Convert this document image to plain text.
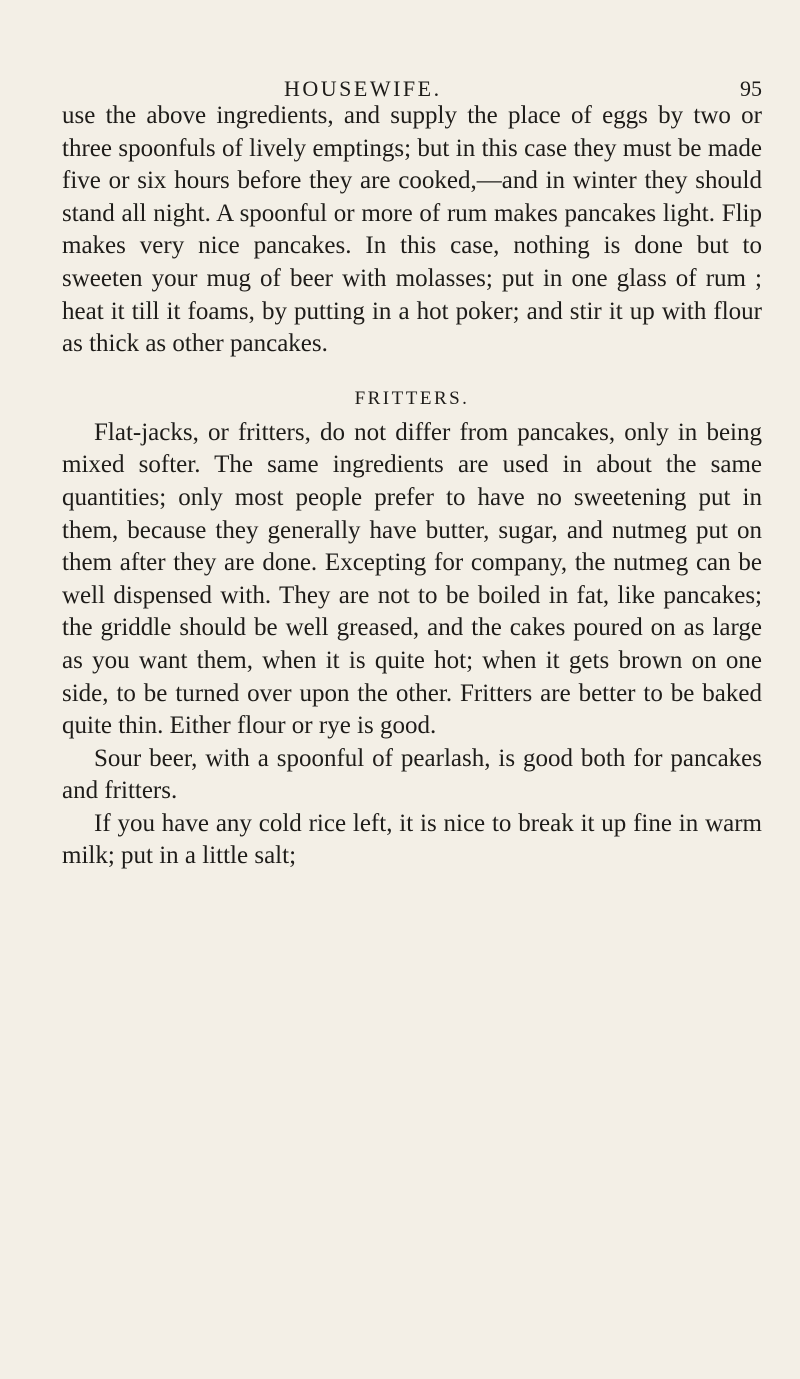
HOUSEWIFE.	95

use the above ingredients, and supply the place of eggs by two or three spoonfuls of lively emptings; but in this case they must be made five or six hours before they are cooked,—and in winter they should stand all night. A spoonful or more of rum makes pancakes light. Flip makes very nice pancakes. In this case, nothing is done but to sweeten your mug of beer with molasses; put in one glass of rum ; heat it till it foams, by putting in a hot poker; and stir it up with flour as thick as other pancakes.

FRITTERS.

Flat-jacks, or fritters, do not differ from pancakes, only in being mixed softer. The same ingredients are used in about the same quantities; only most people prefer to have no sweetening put in them, because they generally have butter, sugar, and nutmeg put on them after they are done. Excepting for company, the nutmeg can be well dispensed with. They are not to be boiled in fat, like pancakes; the griddle should be well greased, and the cakes poured on as large as you want them, when it is quite hot; when it gets brown on one side, to be turned over upon the other. Fritters are better to be baked quite thin. Either flour or rye is good.

Sour beer, with a spoonful of pearlash, is good both for pancakes and fritters.

If you have any cold rice left, it is nice to break it up fine in warm milk; put in a little salt;
